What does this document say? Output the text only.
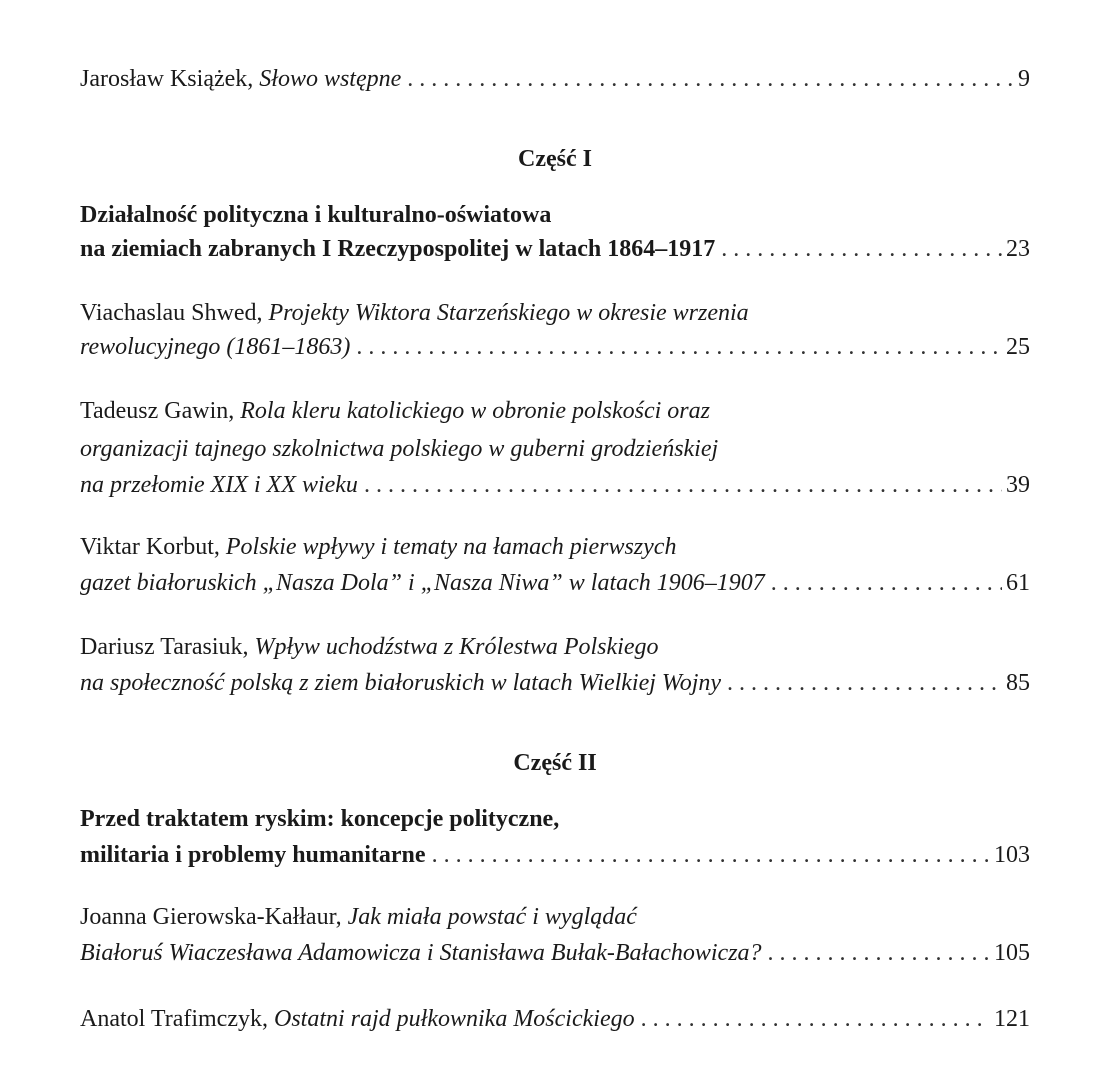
Jarosław Książek, Słowo wstępne . . .	9
Część I
Działalność polityczna i kulturalno-oświatowa
na ziemiach zabranych I Rzeczypospolitej w latach 1864–1917 . . .	23
Viachaslau Shwed, Projekty Wiktora Starzeńskiego w okresie wrzenia
rewolucyjnego (1861–1863) . . .	25
Tadeusz Gawin, Rola kleru katolickiego w obronie polskości oraz
organizacji tajnego szkolnictwa polskiego w guberni grodzieńskiej
na przełomie XIX i XX wieku . . .	39
Viktar Korbut, Polskie wpływy i tematy na łamach pierwszych
gazet białoruskich „Nasza Dola” i „Nasza Niwa” w latach 1906–1907 . . .	61
Dariusz Tarasiuk, Wpływ uchodźstwa z Królestwa Polskiego
na społeczność polską z ziem białoruskich w latach Wielkiej Wojny . . .	85
Część II
Przed traktatem ryskim: koncepcje polityczne,
militaria i problemy humanitarne . . .	103
Joanna Gierowska-Kałłaur, Jak miała powstać i wyglądać
Białoruś Wiaczesława Adamowicza i Stanisława Bułak-Bałachowicza? . . .	105
Anatol Trafimczyk, Ostatni rajd pułkownika Mościckiego . . .	121
